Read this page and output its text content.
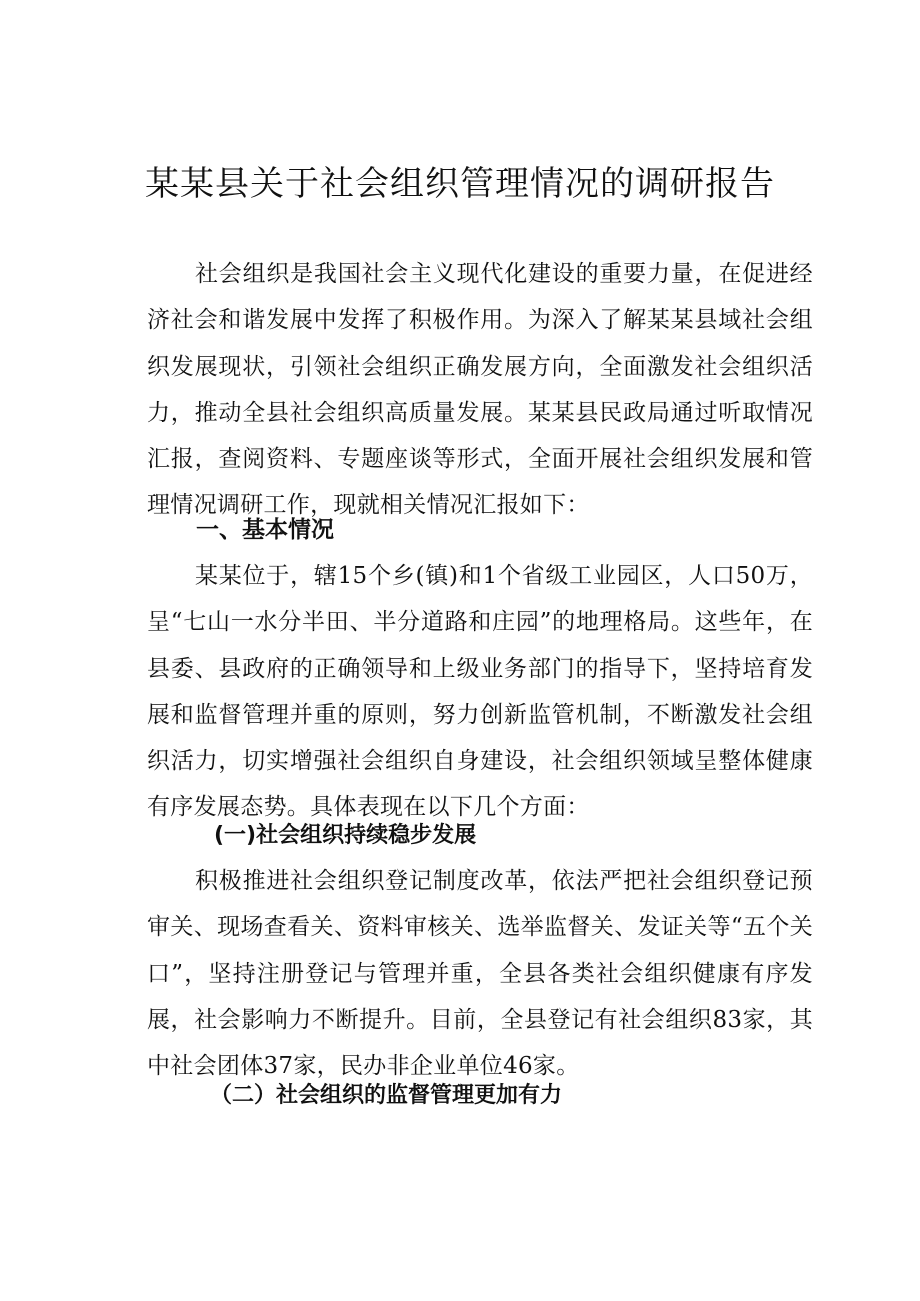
某某县关于社会组织管理情况的调研报告

社会组织是我国社会主义现代化建设的重要力量，在促进经济社会和谐发展中发挥了积极作用。为深入了解某某县域社会组织发展现状，引领社会组织正确发展方向，全面激发社会组织活力，推动全县社会组织高质量发展。某某县民政局通过听取情况汇报，查阅资料、专题座谈等形式，全面开展社会组织发展和管理情况调研工作，现就相关情况汇报如下：

一、基本情况

某某位于，辖15个乡(镇)和1个省级工业园区，人口50万，呈“七山一水分半田、半分道路和庄园”的地理格局。这些年，在县委、县政府的正确领导和上级业务部门的指导下，坚持培育发展和监督管理并重的原则，努力创新监管机制，不断激发社会组织活力，切实增强社会组织自身建设，社会组织领域呈整体健康有序发展态势。具体表现在以下几个方面：

(一)社会组织持续稳步发展

积极推进社会组织登记制度改革，依法严把社会组织登记预审关、现场查看关、资料审核关、选举监督关、发证关等“五个关口”，坚持注册登记与管理并重，全县各类社会组织健康有序发展，社会影响力不断提升。目前，全县登记有社会组织83家，其中社会团体37家，民办非企业单位46家。

（二）社会组织的监督管理更加有力
